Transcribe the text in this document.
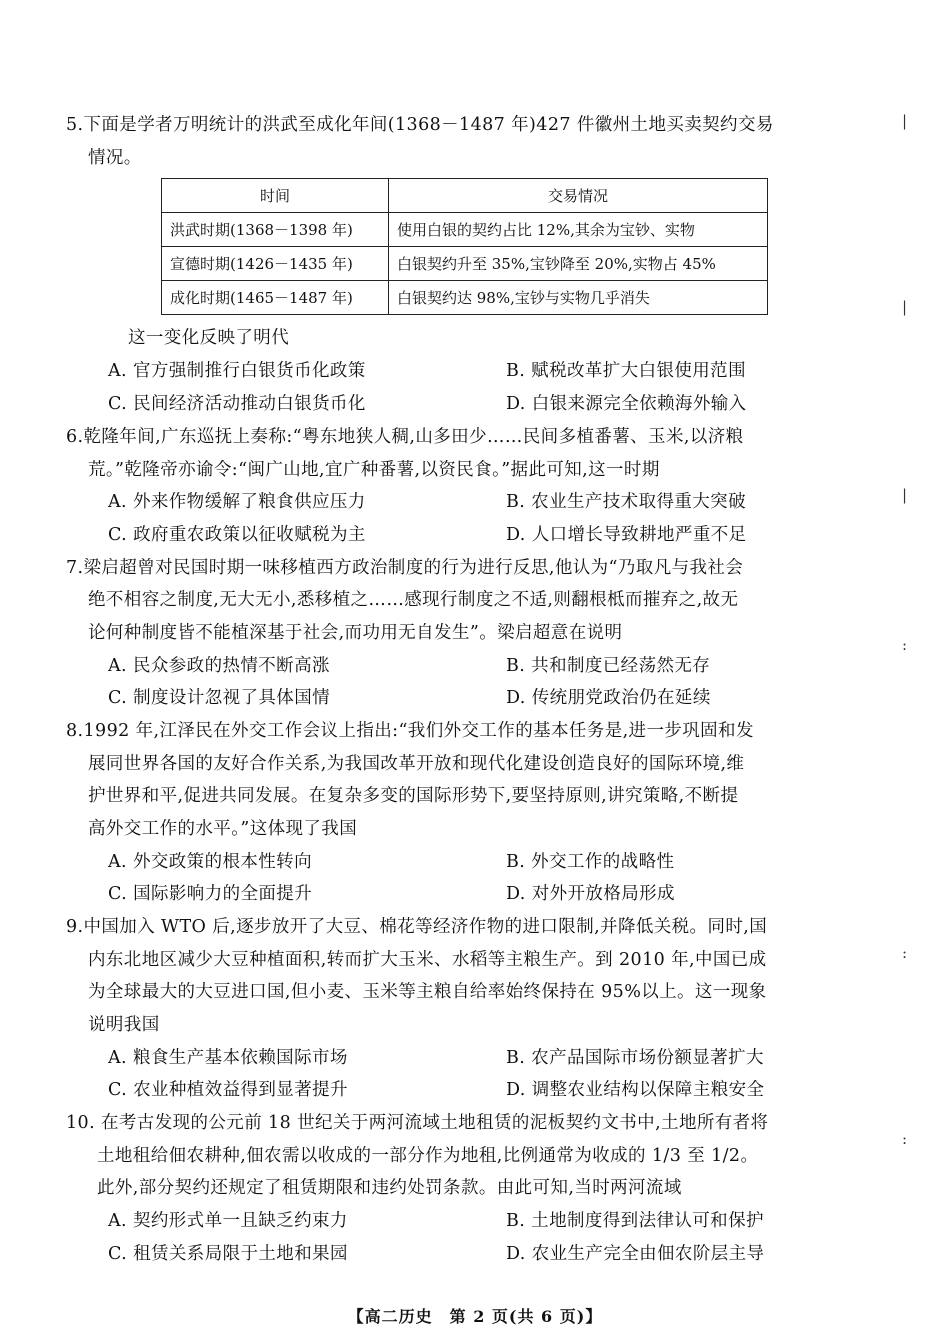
5.下面是学者万明统计的洪武至成化年间(1368－1487 年)427 件徽州土地买卖契约交易
情况。
时间	交易情况
洪武时期(1368－1398 年)	使用白银的契约占比 12%,其余为宝钞、实物
宣德时期(1426－1435 年)	白银契约升至 35%,宝钞降至 20%,实物占 45%
成化时期(1465－1487 年)	白银契约达 98%,宝钞与实物几乎消失
这一变化反映了明代
A. 官方强制推行白银货币化政策	B. 赋税改革扩大白银使用范围
C. 民间经济活动推动白银货币化	D. 白银来源完全依赖海外输入
6.乾隆年间,广东巡抚上奏称:“粤东地狭人稠,山多田少……民间多植番薯、玉米,以济粮
荒。”乾隆帝亦谕令:“闽广山地,宜广种番薯,以资民食。”据此可知,这一时期
A. 外来作物缓解了粮食供应压力	B. 农业生产技术取得重大突破
C. 政府重农政策以征收赋税为主	D. 人口增长导致耕地严重不足
7.梁启超曾对民国时期一味移植西方政治制度的行为进行反思,他认为“乃取凡与我社会
绝不相容之制度,无大无小,悉移植之……感现行制度之不适,则翻根柢而摧弃之,故无
论何种制度皆不能植深基于社会,而功用无自发生”。梁启超意在说明
A. 民众参政的热情不断高涨	B. 共和制度已经荡然无存
C. 制度设计忽视了具体国情	D. 传统朋党政治仍在延续
8.1992 年,江泽民在外交工作会议上指出:“我们外交工作的基本任务是,进一步巩固和发
展同世界各国的友好合作关系,为我国改革开放和现代化建设创造良好的国际环境,维
护世界和平,促进共同发展。在复杂多变的国际形势下,要坚持原则,讲究策略,不断提
高外交工作的水平。”这体现了我国
A. 外交政策的根本性转向	B. 外交工作的战略性
C. 国际影响力的全面提升	D. 对外开放格局形成
9.中国加入 WTO 后,逐步放开了大豆、棉花等经济作物的进口限制,并降低关税。同时,国
内东北地区减少大豆种植面积,转而扩大玉米、水稻等主粮生产。到 2010 年,中国已成
为全球最大的大豆进口国,但小麦、玉米等主粮自给率始终保持在 95%以上。这一现象
说明我国
A. 粮食生产基本依赖国际市场	B. 农产品国际市场份额显著扩大
C. 农业种植效益得到显著提升	D. 调整农业结构以保障主粮安全
10. 在考古发现的公元前 18 世纪关于两河流域土地租赁的泥板契约文书中,土地所有者将
土地租给佃农耕种,佃农需以收成的一部分作为地租,比例通常为收成的 1/3 至 1/2。
此外,部分契约还规定了租赁期限和违约处罚条款。由此可知,当时两河流域
A. 契约形式单一且缺乏约束力	B. 土地制度得到法律认可和保护
C. 租赁关系局限于土地和果园	D. 农业生产完全由佃农阶层主导
【高二历史　第 2 页(共 6 页)】
|
|
|
:
:
:
